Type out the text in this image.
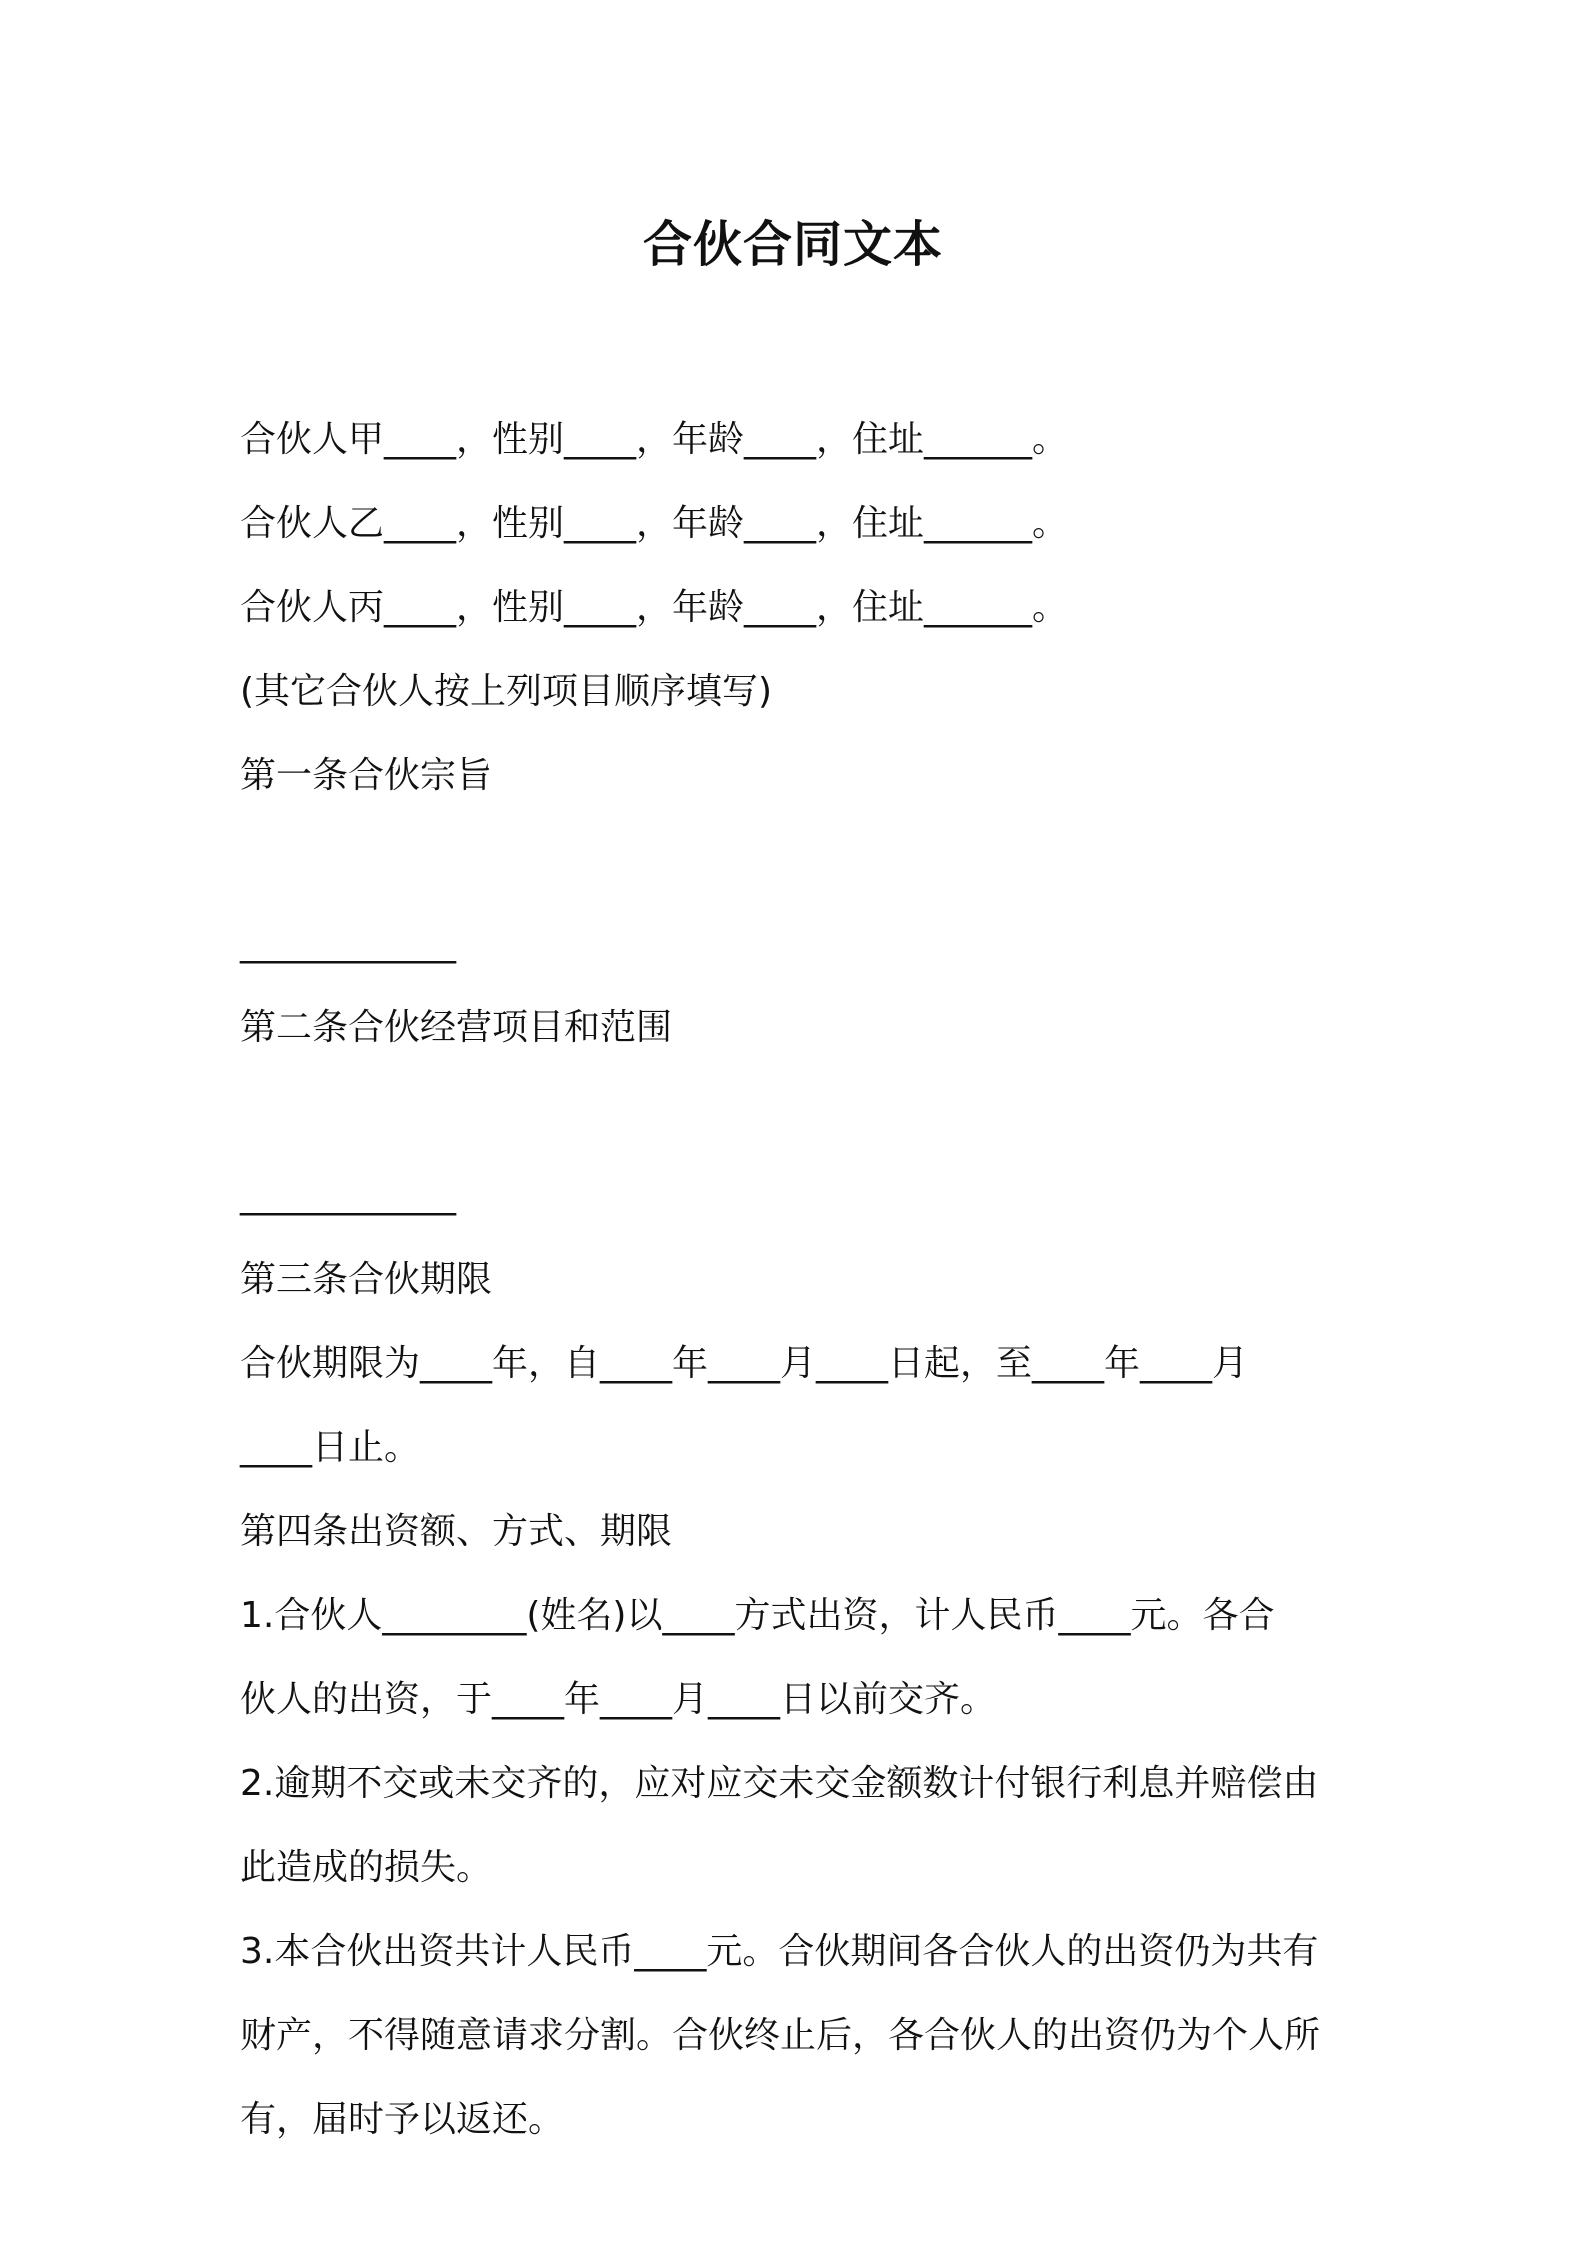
合伙合同文本
合伙人甲____，性别____，年龄____，住址______。
合伙人乙____，性别____，年龄____，住址______。
合伙人丙____，性别____，年龄____，住址______。
(其它合伙人按上列项目顺序填写)
第一条合伙宗旨
____________
第二条合伙经营项目和范围
____________
第三条合伙期限
合伙期限为____年，自____年____月____日起，至____年____月
____日止。
第四条出资额、方式、期限
1.合伙人________(姓名)以____方式出资，计人民币____元。各合
伙人的出资，于____年____月____日以前交齐。
2.逾期不交或未交齐的，应对应交未交金额数计付银行利息并赔偿由
此造成的损失。
3.本合伙出资共计人民币____元。合伙期间各合伙人的出资仍为共有
财产，不得随意请求分割。合伙终止后，各合伙人的出资仍为个人所
有，届时予以返还。
